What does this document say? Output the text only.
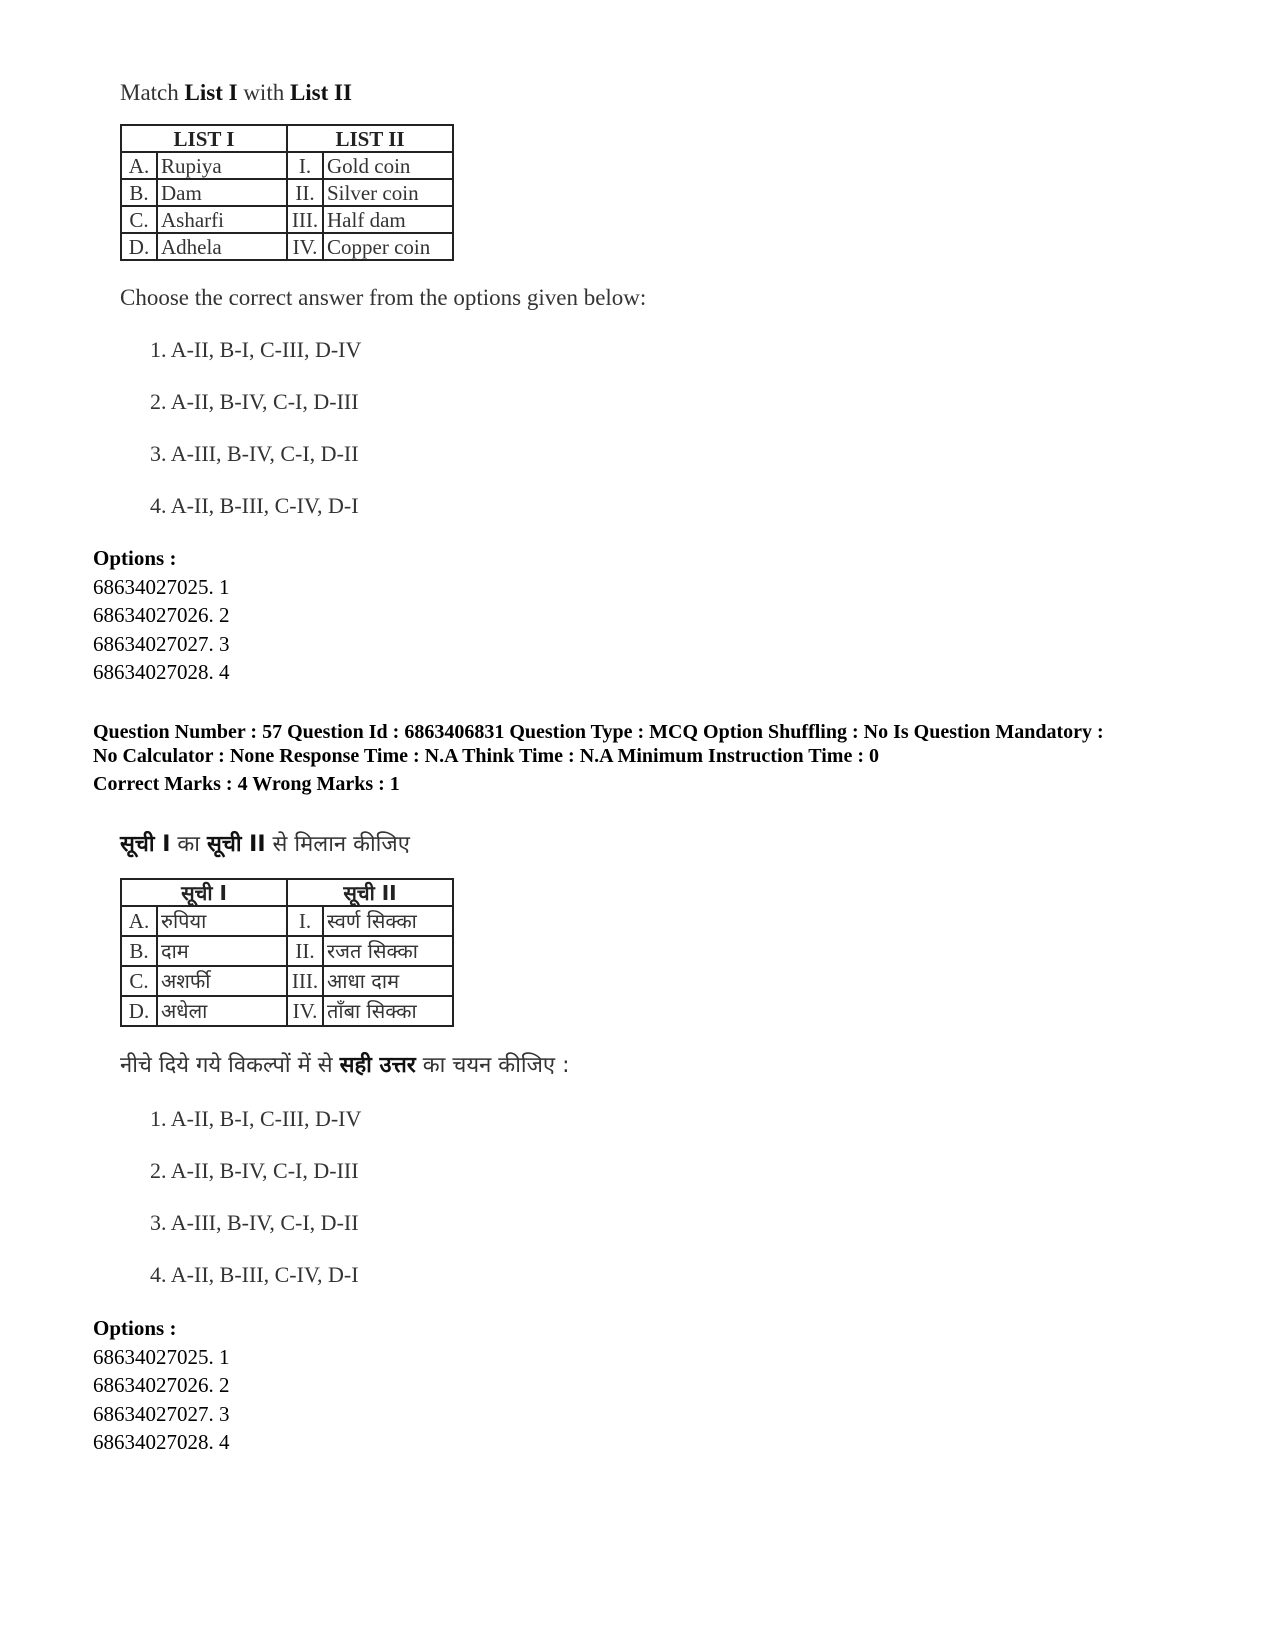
Match List I with List II

LIST I		LIST II	
A.	Rupiya	I.	Gold coin
B.	Dam	II.	Silver coin
C.	Asharfi	III.	Half dam
D.	Adhela	IV.	Copper coin

Choose the correct answer from the options given below:

1. A-II, B-I, C-III, D-IV
2. A-II, B-IV, C-I, D-III
3. A-III, B-IV, C-I, D-II
4. A-II, B-III, C-IV, D-I
Options :
68634027025. 1
68634027026. 2
68634027027. 3
68634027028. 4
Question Number : 57 Question Id : 6863406831 Question Type : MCQ Option Shuffling : No Is Question Mandatory :
No Calculator : None Response Time : N.A Think Time : N.A Minimum Instruction Time : 0
Correct Marks : 4 Wrong Marks : 1

सूची I का सूची II से मिलान कीजिए

सूची I		सूची II	
A.	रुपिया	I.	स्वर्ण सिक्का
B.	दाम	II.	रजत सिक्का
C.	अशर्फी	III.	आधा दाम
D.	अधेला	IV.	ताँबा सिक्का

नीचे दिये गये विकल्पों में से सही उत्तर का चयन कीजिए :

1. A-II, B-I, C-III, D-IV
2. A-II, B-IV, C-I, D-III
3. A-III, B-IV, C-I, D-II
4. A-II, B-III, C-IV, D-I
Options :
68634027025. 1
68634027026. 2
68634027027. 3
68634027028. 4
